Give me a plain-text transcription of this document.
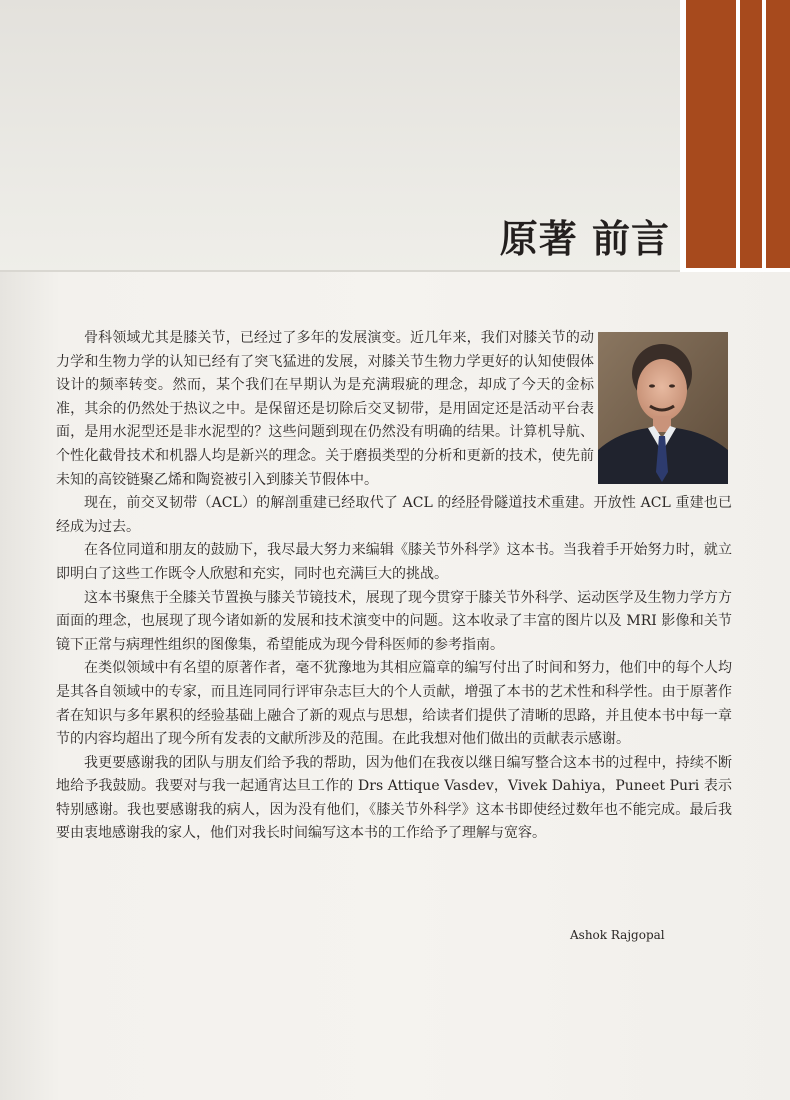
原著 前言

骨科领域尤其是膝关节，已经过了多年的发展演变。近几年来，我们对膝关节的动力学和生物力学的认知已经有了突飞猛进的发展，对膝关节生物力学更好的认知使假体设计的频率转变。然而，某个我们在早期认为是充满瑕疵的理念，却成了今天的金标准，其余的仍然处于热议之中。是保留还是切除后交叉韧带，是用固定还是活动平台表面，是用水泥型还是非水泥型的？这些问题到现在仍然没有明确的结果。计算机导航、个性化截骨技术和机器人均是新兴的理念。关于磨损类型的分析和更新的技术，使先前未知的高铰链聚乙烯和陶瓷被引入到膝关节假体中。

现在，前交叉韧带（ACL）的解剖重建已经取代了 ACL 的经胫骨隧道技术重建。开放性 ACL 重建也已经成为过去。

在各位同道和朋友的鼓励下，我尽最大努力来编辑《膝关节外科学》这本书。当我着手开始努力时，就立即明白了这些工作既令人欣慰和充实，同时也充满巨大的挑战。

这本书聚焦于全膝关节置换与膝关节镜技术，展现了现今贯穿于膝关节外科学、运动医学及生物力学方方面面的理念，也展现了现今诸如新的发展和技术演变中的问题。这本收录了丰富的图片以及 MRI 影像和关节镜下正常与病理性组织的图像集，希望能成为现今骨科医师的参考指南。

在类似领域中有名望的原著作者，毫不犹豫地为其相应篇章的编写付出了时间和努力，他们中的每个人均是其各自领域中的专家，而且连同同行评审杂志巨大的个人贡献，增强了本书的艺术性和科学性。由于原著作者在知识与多年累积的经验基础上融合了新的观点与思想，给读者们提供了清晰的思路，并且使本书中每一章节的内容均超出了现今所有发表的文献所涉及的范围。在此我想对他们做出的贡献表示感谢。

我更要感谢我的团队与朋友们给予我的帮助，因为他们在我夜以继日编写整合这本书的过程中，持续不断地给予我鼓励。我要对与我一起通宵达旦工作的 Drs Attique Vasdev，Vivek Dahiya，Puneet Puri 表示特别感谢。我也要感谢我的病人，因为没有他们，《膝关节外科学》这本书即使经过数年也不能完成。最后我要由衷地感谢我的家人，他们对我长时间编写这本书的工作给予了理解与宽容。

Ashok Rajgopal
